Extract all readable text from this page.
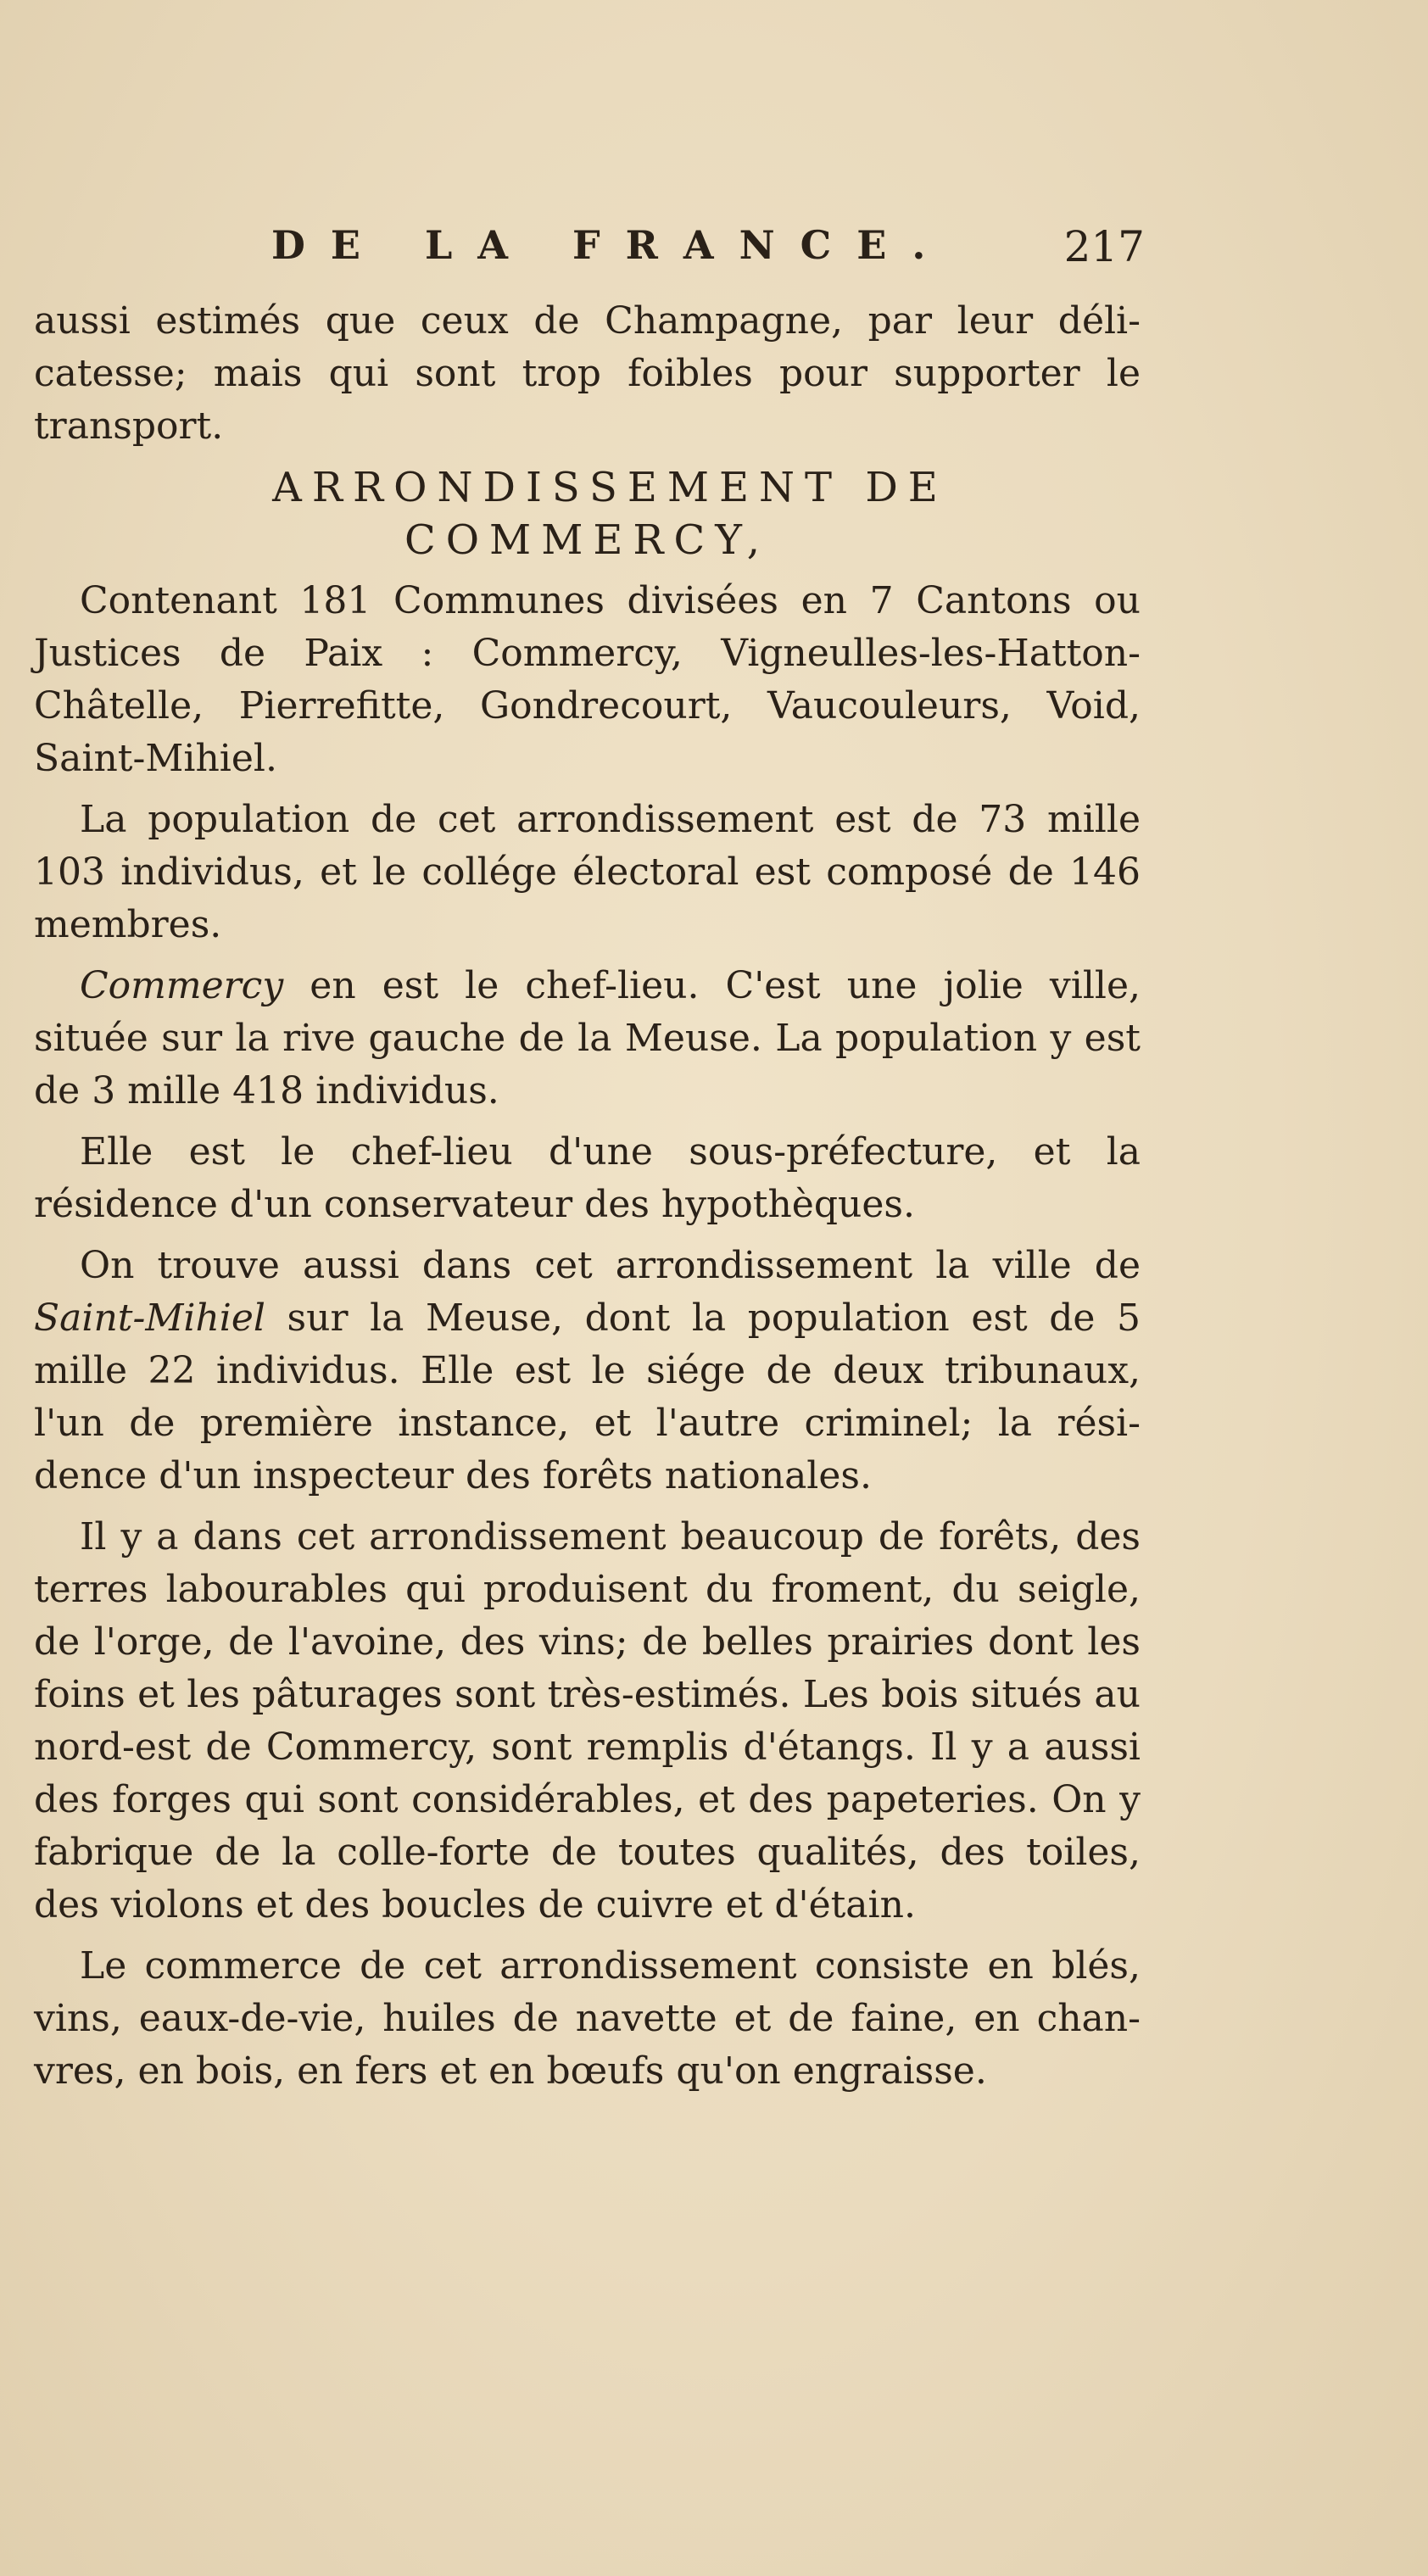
DE LA FRANCE.	217

aussi estimés que ceux de Champagne, par leur déli-catesse; mais qui sont trop foibles pour supporter le transport.

ARRONDISSEMENT DE COMMERCY,

Contenant 181 Communes divisées en 7 Cantons ou Justices de Paix : Commercy, Vigneulles-les-Hatton-Châtelle, Pierrefitte, Gondrecourt, Vaucouleurs, Void, Saint-Mihiel.

La population de cet arrondissement est de 73 mille 103 individus, et le collége électoral est composé de 146 membres.

Commercy en est le chef-lieu. C'est une jolie ville, située sur la rive gauche de la Meuse. La population y est de 3 mille 418 individus.

Elle est le chef-lieu d'une sous-préfecture, et la résidence d'un conservateur des hypothèques.

On trouve aussi dans cet arrondissement la ville de Saint-Mihiel sur la Meuse, dont la population est de 5 mille 22 individus. Elle est le siége de deux tribunaux, l'un de première instance, et l'autre criminel; la rési-dence d'un inspecteur des forêts nationales.

Il y a dans cet arrondissement beaucoup de forêts, des terres labourables qui produisent du froment, du seigle, de l'orge, de l'avoine, des vins; de belles prairies dont les foins et les pâturages sont très-estimés. Les bois situés au nord-est de Commercy, sont remplis d'étangs. Il y a aussi des forges qui sont considérables, et des papeteries. On y fabrique de la colle-forte de toutes qualités, des toiles, des violons et des boucles de cuivre et d'étain.

Le commerce de cet arrondissement consiste en blés, vins, eaux-de-vie, huiles de navette et de faine, en chan-vres, en bois, en fers et en bœufs qu'on engraisse.
